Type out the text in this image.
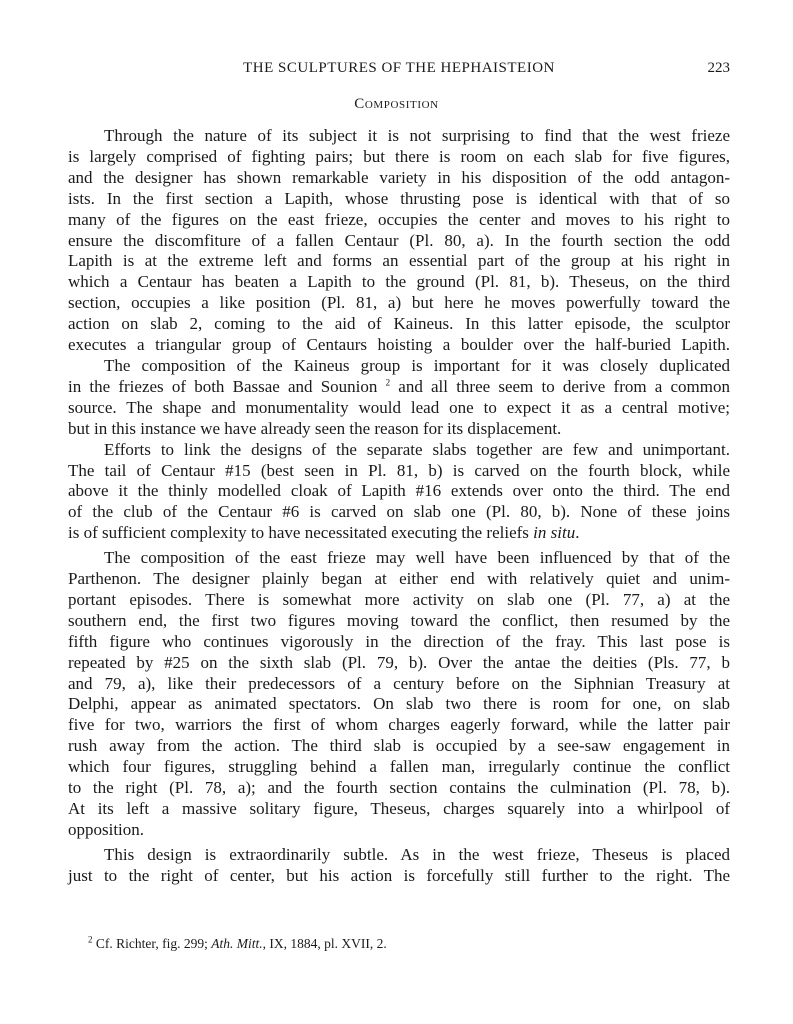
THE SCULPTURES OF THE HEPHAISTEION	223
Composition
Through the nature of its subject it is not surprising to find that the west frieze
is largely comprised of fighting pairs; but there is room on each slab for five figures,
and the designer has shown remarkable variety in his disposition of the odd antagon-
ists. In the first section a Lapith, whose thrusting pose is identical with that of so
many of the figures on the east frieze, occupies the center and moves to his right to
ensure the discomfiture of a fallen Centaur (Pl. 80, a). In the fourth section the odd
Lapith is at the extreme left and forms an essential part of the group at his right in
which a Centaur has beaten a Lapith to the ground (Pl. 81, b). Theseus, on the third
section, occupies a like position (Pl. 81, a) but here he moves powerfully toward the
action on slab 2, coming to the aid of Kaineus. In this latter episode, the sculptor
executes a triangular group of Centaurs hoisting a boulder over the half-buried Lapith.
The composition of the Kaineus group is important for it was closely duplicated
in the friezes of both Bassae and Sounion $^2$ and all three seem to derive from a common
source. The shape and monumentality would lead one to expect it as a central motive;
but in this instance we have already seen the reason for its displacement.
Efforts to link the designs of the separate slabs together are few and unimportant.
The tail of Centaur #15 (best seen in Pl. 81, b) is carved on the fourth block, while
above it the thinly modelled cloak of Lapith #16 extends over onto the third. The end
of the club of the Centaur #6 is carved on slab one (Pl. 80, b). None of these joins
is of sufficient complexity to have necessitated executing the reliefs in situ.
The composition of the east frieze may well have been influenced by that of the
Parthenon. The designer plainly began at either end with relatively quiet and unim-
portant episodes. There is somewhat more activity on slab one (Pl. 77, a) at the
southern end, the first two figures moving toward the conflict, then resumed by the
fifth figure who continues vigorously in the direction of the fray. This last pose is
repeated by #25 on the sixth slab (Pl. 79, b). Over the antae the deities (Pls. 77, b
and 79, a), like their predecessors of a century before on the Siphnian Treasury at
Delphi, appear as animated spectators. On slab two there is room for one, on slab
five for two, warriors the first of whom charges eagerly forward, while the latter pair
rush away from the action. The third slab is occupied by a see-saw engagement in
which four figures, struggling behind a fallen man, irregularly continue the conflict
to the right (Pl. 78, a); and the fourth section contains the culmination (Pl. 78, b).
At its left a massive solitary figure, Theseus, charges squarely into a whirlpool of
opposition.
This design is extraordinarily subtle. As in the west frieze, Theseus is placed
just to the right of center, but his action is forcefully still further to the right. The
$^2$ Cf. Richter, fig. 299; Ath. Mitt., IX, 1884, pl. XVII, 2.
